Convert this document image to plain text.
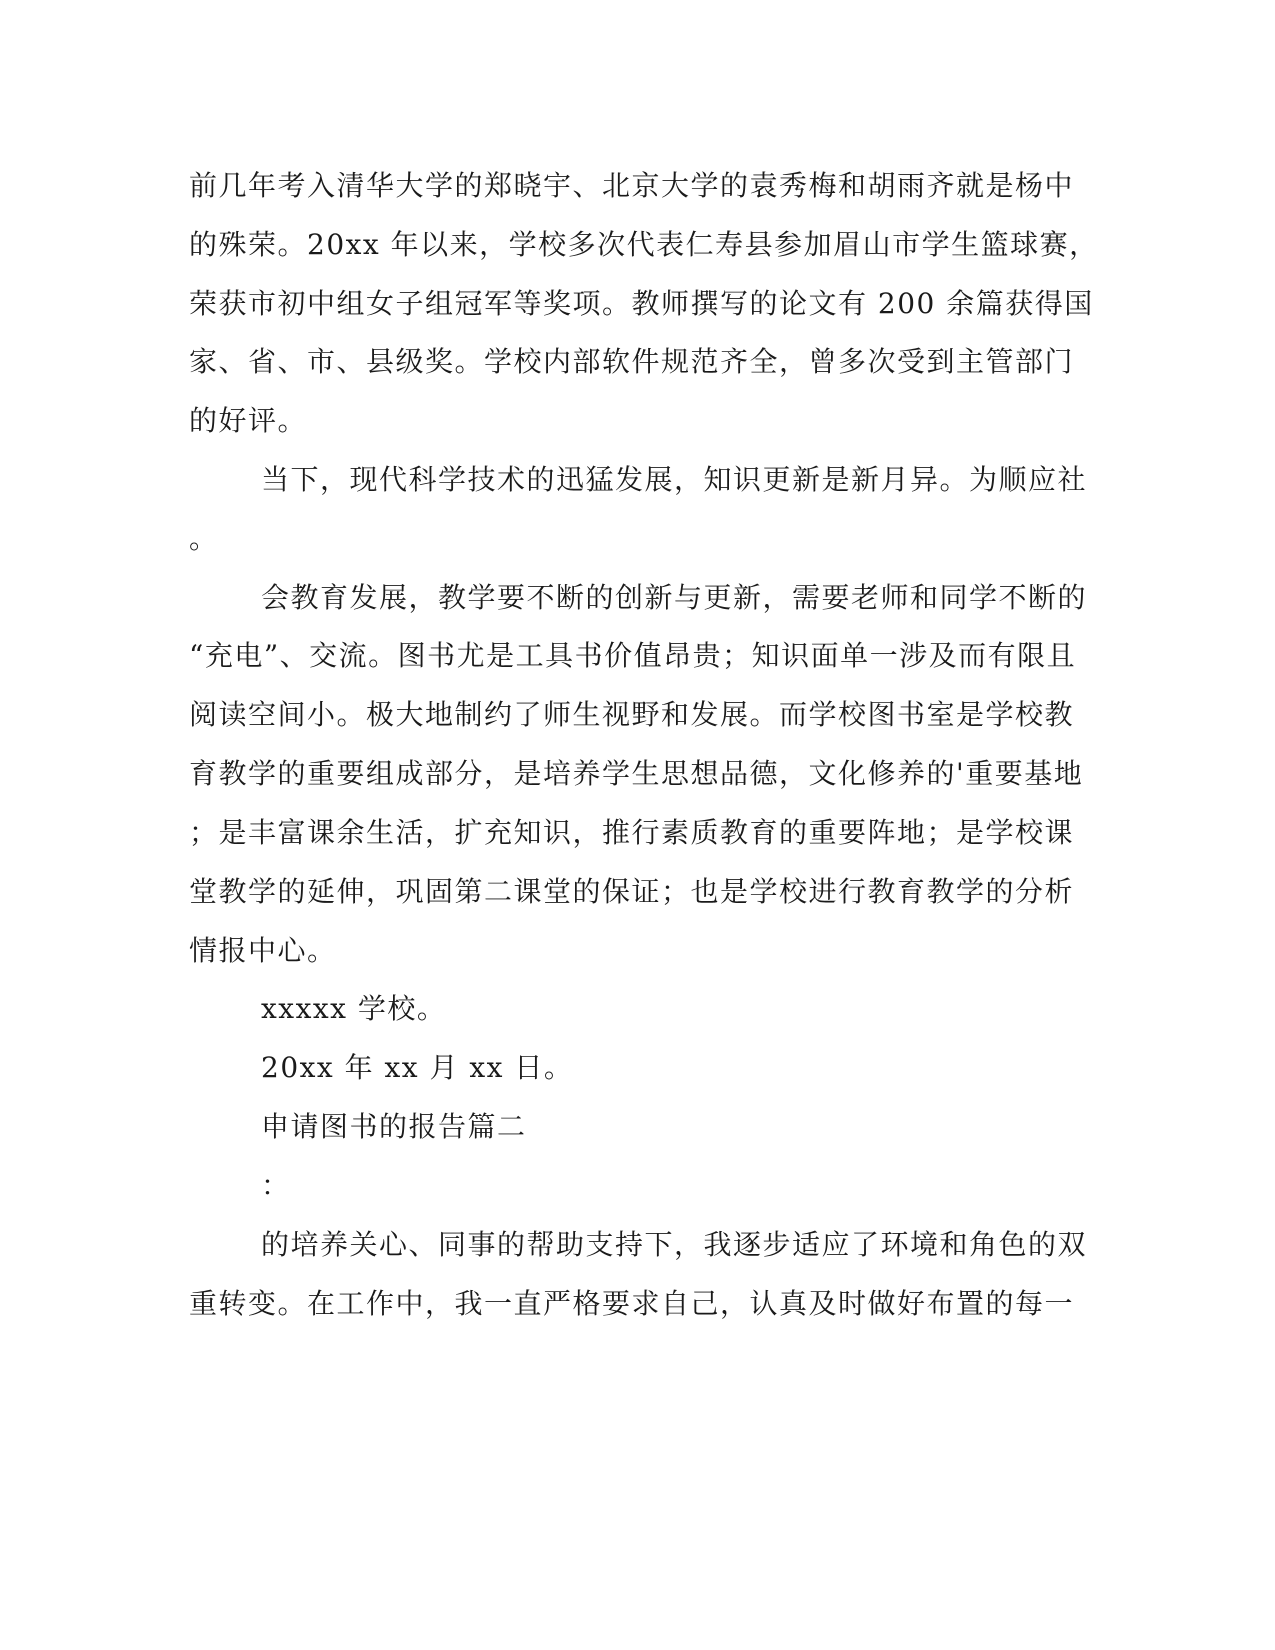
前几年考入清华大学的郑晓宇、北京大学的袁秀梅和胡雨齐就是杨中
的殊荣。20xx 年以来，学校多次代表仁寿县参加眉山市学生篮球赛，
荣获市初中组女子组冠军等奖项。教师撰写的论文有 200 余篇获得国
家、省、市、县级奖。学校内部软件规范齐全，曾多次受到主管部门
的好评。
当下，现代科学技术的迅猛发展，知识更新是新月异。为顺应社
。
会教育发展，教学要不断的创新与更新，需要老师和同学不断的
“充电”、交流。图书尤是工具书价值昂贵；知识面单一涉及而有限且
阅读空间小。极大地制约了师生视野和发展。而学校图书室是学校教
育教学的重要组成部分，是培养学生思想品德，文化修养的'重要基地
；是丰富课余生活，扩充知识，推行素质教育的重要阵地；是学校课
堂教学的延伸，巩固第二课堂的保证；也是学校进行教育教学的分析
情报中心。
xxxxx 学校。
20xx 年 xx 月 xx 日。
申请图书的报告篇二
：
的培养关心、同事的帮助支持下，我逐步适应了环境和角色的双
重转变。在工作中，我一直严格要求自己，认真及时做好布置的每一
